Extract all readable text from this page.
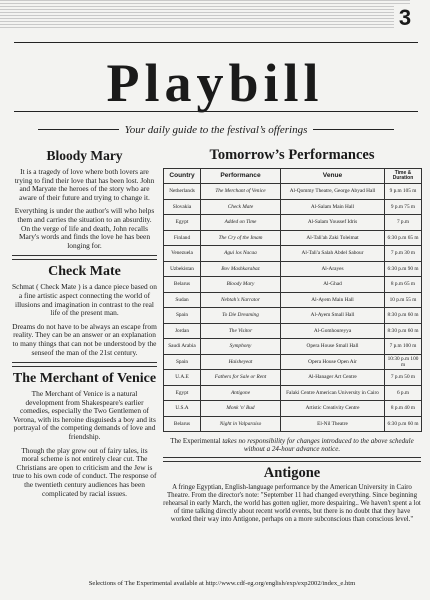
3
Playbill
Your daily guide to the festival’s offerings
Bloody Mary

It is a tragedy of love where both lovers are trying to find their love that has been lost. John and Maryate the heroes of the story who are aware of their future and trying to change it.

Everything is under the author's will who helps them and carries the situation to an absurdity. On the verge of life and death, John recalls Mary's words and finds the love he has been longing for.

Check Mate

Schmat ( Check Mate ) is a dance piece based on a fine artistic aspect connecting the world of illusions and imagination in contrast to the real life of the present man.

Dreams do not have to be always an escape from reality. They can be an answer or an explanation to many things that can not be understood by the senseof the man of the 21st century.

The Merchant of Venice

The Merchant of Venice is a natural development from Shakespeare's earlier comedies, especially the Two Gentlemen of Verona, with its heroine disguiseds a boy and its portrayal of the competing demands of love and friendship.

Though the play grew out of fairy tales, its moral scheme is not entirely clear cut. The Christians are open to criticism and the Jew is true to his own code of conduct. The response of the twentieth century audiences has been complicated by racial issues.

Tomorrow’s Performances
Country	Performance	Venue	Time & Duration
Netherlands	The Merchant of Venice	Al-Qommy Theatre, George Abyad Hall	9 p.m 105 m
Slovakia	Check Mate	Al-Salam Main Hall	9 p.m 75 m
Egypt	Added on Time	Al-Salam Youssef Idris	7 p.m
Finland	The Cry of the Imam	Al-Tali'ah Zaki Toleimat	6:30 p.m 65 m
Venezuela	Agui los Nacaa	Al-Tali'a Salah Abdel Sabour	7 p.m 30 m
Uzbekistan	Bov Mashkarabaz	Al-Arayes	6:30 p.m 90 m
Belarus	Bloody Mary	Al-Ghad	8 p.m 65 m
Sudan	Nebtah's Narrator	Al-Ayem Main Hall	10 p.m 55 m
Spain	To Die Dreaming	Al-Ayem Small Hall	8:30 p.m 60 m
Jordan	The Visitor	Al-Gomhoureyya	8:30 p.m 60 m
Saudi Arabia	Symphony	Opera House Small Hall	7 p.m 100 m
Spain	Haisheyeat	Opera House Open Air	10:30 p.m 100 m
U.A.E	Fathers for Sale or Rent	Al-Hanager Art Centre	7 p.m 50 m
Egypt	Antigone	Falaki Centre American University in Cairo	6 p.m
U.S.A	Monk 'n' Bud	Artistic Creativity Centre	8 p.m 40 m
Belarus	Night in Valparaiso	El-Nil Theatre	6:30 p.m 60 m

The Experimental takes no responsibility for changes introduced to the above schedule without a 24-hour advance notice.

Antigone

A fringe Egyptian, English-language performance by the American University in Cairo Theatre. From the director's note: "September 11 had changed everything. Since beginning rehearsal in early March, the world has gotten uglier, more despairing.. We haven't spent a lot of time talking directly about recent world events, but there is no doubt that they have worked their way into Antigone, perhaps on a more subconscious than conscious level."

Selections of The Experimental available at http://www.cdf-eg.org/english/exp/exp2002/index_e.htm
